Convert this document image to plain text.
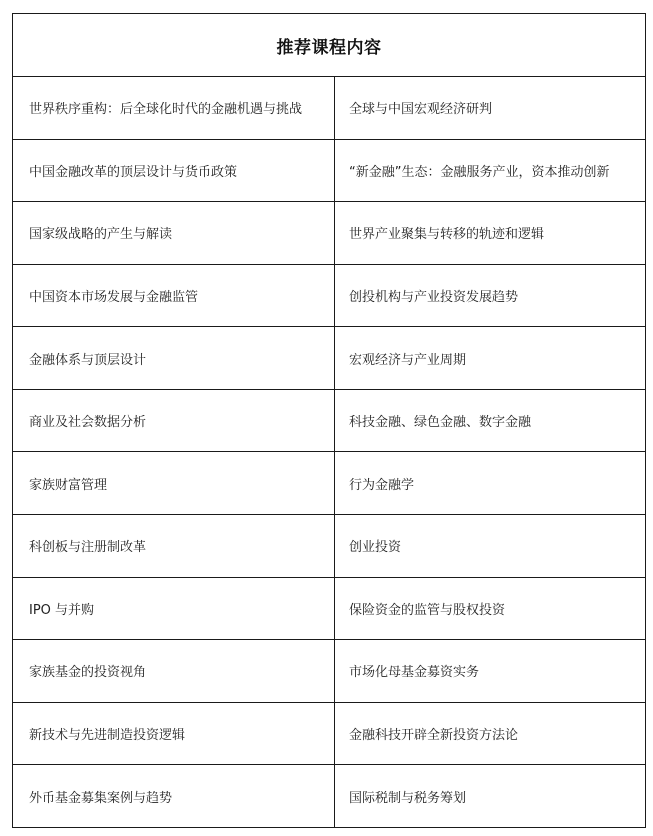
推荐课程内容
世界秩序重构：后全球化时代的金融机遇与挑战	全球与中国宏观经济研判
中国金融改革的顶层设计与货币政策	“新金融”生态：金融服务产业，资本推动创新
国家级战略的产生与解读	世界产业聚集与转移的轨迹和逻辑
中国资本市场发展与金融监管	创投机构与产业投资发展趋势
金融体系与顶层设计	宏观经济与产业周期
商业及社会数据分析	科技金融、绿色金融、数字金融
家族财富管理	行为金融学
科创板与注册制改革	创业投资
IPO 与并购	保险资金的监管与股权投资
家族基金的投资视角	市场化母基金募资实务
新技术与先进制造投资逻辑	金融科技开辟全新投资方法论
外币基金募集案例与趋势	国际税制与税务筹划
